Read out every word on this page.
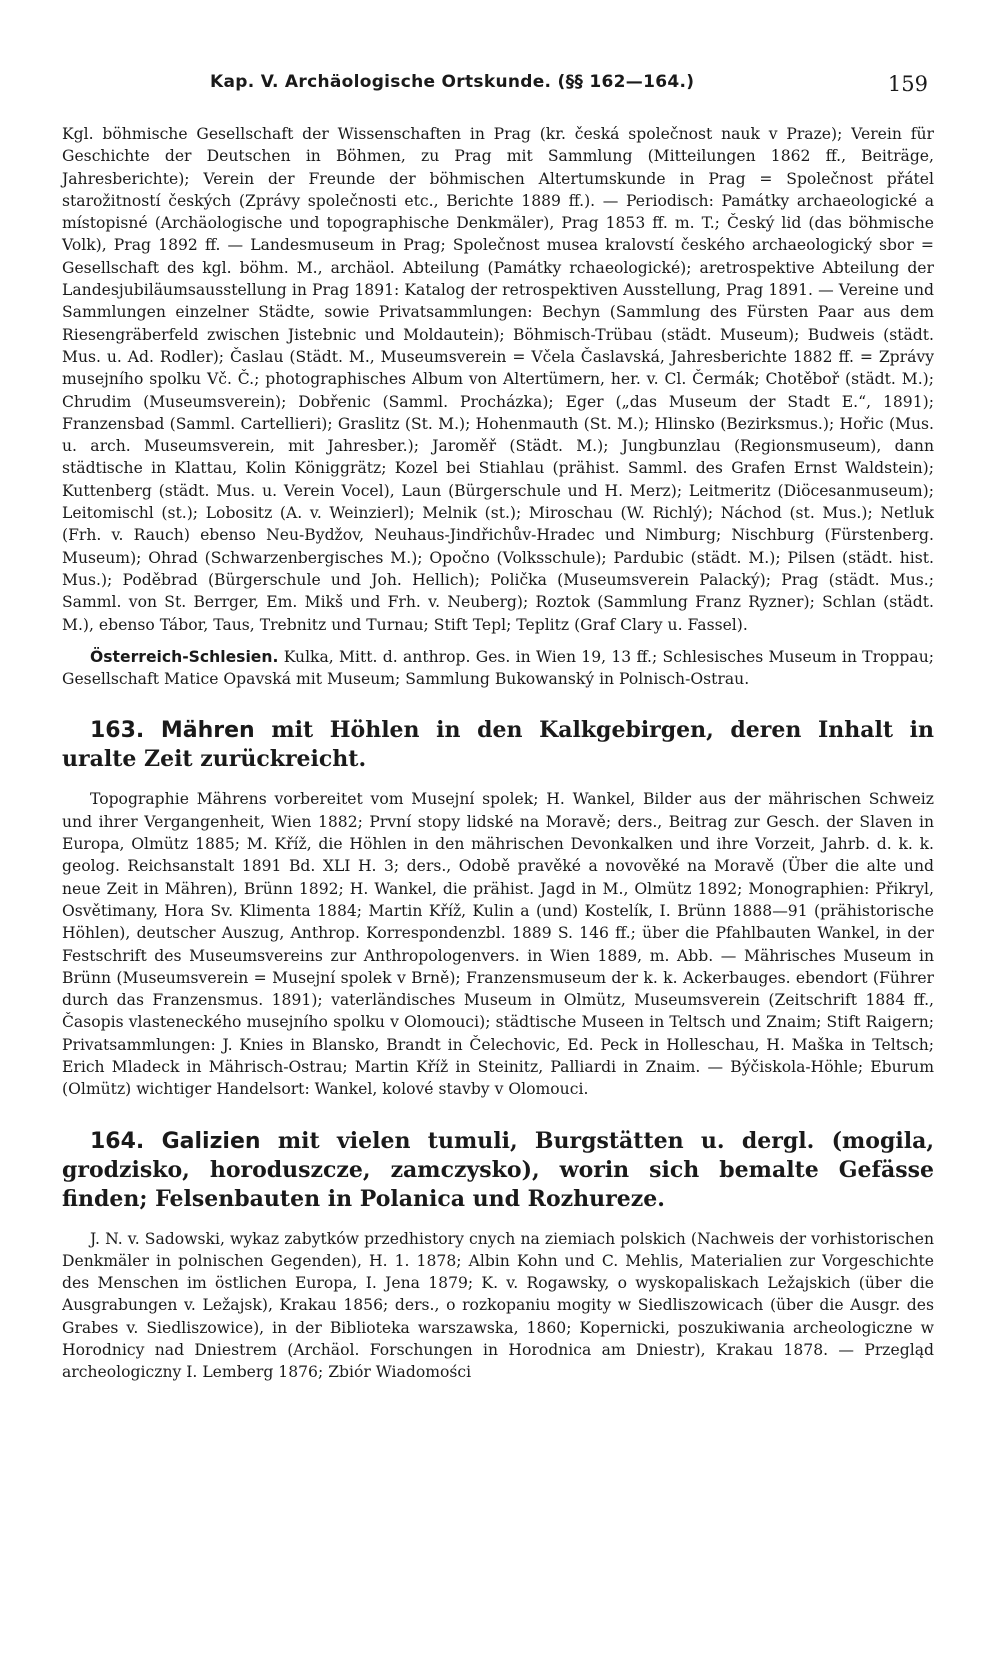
Kap. V. Archäologische Ortskunde. (§§ 162—164.)	159

Kgl. böhmische Gesellschaft der Wissenschaften in Prag (kr. česká společnost nauk v Praze); Verein für Geschichte der Deutschen in Böhmen, zu Prag mit Sammlung (Mitteilungen 1862 ff., Beiträge, Jahresberichte); Verein der Freunde der böhmischen Altertumskunde in Prag = Společnost přátel starožitností českých (Zprávy společnosti etc., Berichte 1889 ff.). — Periodisch: Památky archaeologické a místopisné (Archäologische und topographische Denkmäler), Prag 1853 ff. m. T.; Český lid (das böhmische Volk), Prag 1892 ff. — Landesmuseum in Prag; Společnost musea kralovstí českého archaeologický sbor = Gesellschaft des kgl. böhm. M., archäol. Abteilung (Památky rchaeologické); aretrospektive Abteilung der Landesjubiläumsausstellung in Prag 1891: Katalog der retrospektiven Ausstellung, Prag 1891. — Vereine und Sammlungen einzelner Städte, sowie Privatsammlungen: Bechyn (Sammlung des Fürsten Paar aus dem Riesengräberfeld zwischen Jistebnic und Moldautein); Böhmisch-Trübau (städt. Museum); Budweis (städt. Mus. u. Ad. Rodler); Časlau (Städt. M., Museumsverein = Včela Časlavská, Jahresberichte 1882 ff. = Zprávy musejního spolku Vč. Č.; photographisches Album von Altertümern, her. v. Cl. Čermák; Chotěboř (städt. M.); Chrudim (Museumsverein); Dobřenic (Samml. Procházka); Eger („das Museum der Stadt E.“, 1891); Franzensbad (Samml. Cartellieri); Graslitz (St. M.); Hohenmauth (St. M.); Hlinsko (Bezirksmus.); Hořic (Mus. u. arch. Museumsverein, mit Jahresber.); Jaroměř (Städt. M.); Jungbunzlau (Regionsmuseum), dann städtische in Klattau, Kolin Königgrätz; Kozel bei Stiahlau (prähist. Samml. des Grafen Ernst Waldstein); Kuttenberg (städt. Mus. u. Verein Vocel), Laun (Bürgerschule und H. Merz); Leitmeritz (Diöcesanmuseum); Leitomischl (st.); Lobositz (A. v. Weinzierl); Melnik (st.); Miroschau (W. Richlý); Náchod (st. Mus.); Netluk (Frh. v. Rauch) ebenso Neu-Bydžov, Neuhaus-Jindřichův-Hradec und Nimburg; Nischburg (Fürstenberg. Museum); Ohrad (Schwarzenbergisches M.); Opočno (Volksschule); Pardubic (städt. M.); Pilsen (städt. hist. Mus.); Poděbrad (Bürgerschule und Joh. Hellich); Polička (Museumsverein Palacký); Prag (städt. Mus.; Samml. von St. Berrger, Em. Mikš und Frh. v. Neuberg); Roztok (Sammlung Franz Ryzner); Schlan (städt. M.), ebenso Tábor, Taus, Trebnitz und Turnau; Stift Tepl; Teplitz (Graf Clary u. Fassel).

Österreich-Schlesien. Kulka, Mitt. d. anthrop. Ges. in Wien 19, 13 ff.; Schlesisches Museum in Troppau; Gesellschaft Matice Opavská mit Museum; Sammlung Bukowanský in Polnisch-Ostrau.

163. Mähren mit Höhlen in den Kalkgebirgen, deren Inhalt in uralte Zeit zurückreicht.

Topographie Mährens vorbereitet vom Musejní spolek; H. Wankel, Bilder aus der mährischen Schweiz und ihrer Vergangenheit, Wien 1882; První stopy lidské na Moravě; ders., Beitrag zur Gesch. der Slaven in Europa, Olmütz 1885; M. Kříž, die Höhlen in den mährischen Devonkalken und ihre Vorzeit, Jahrb. d. k. k. geolog. Reichsanstalt 1891 Bd. XLI H. 3; ders., Odobě pravěké a novověké na Moravě (Über die alte und neue Zeit in Mähren), Brünn 1892; H. Wankel, die prähist. Jagd in M., Olmütz 1892; Monographien: Přikryl, Osvětimany, Hora Sv. Klimenta 1884; Martin Kříž, Kulin a (und) Kostelík, I. Brünn 1888—91 (prähistorische Höhlen), deutscher Auszug, Anthrop. Korrespondenzbl. 1889 S. 146 ff.; über die Pfahlbauten Wankel, in der Festschrift des Museumsvereins zur Anthropologenvers. in Wien 1889, m. Abb. — Mährisches Museum in Brünn (Museumsverein = Musejní spolek v Brně); Franzensmuseum der k. k. Ackerbauges. ebendort (Führer durch das Franzensmus. 1891); vaterländisches Museum in Olmütz, Museumsverein (Zeitschrift 1884 ff., Časopis vlasteneckého musejního spolku v Olomouci); städtische Museen in Teltsch und Znaim; Stift Raigern; Privatsammlungen: J. Knies in Blansko, Brandt in Čelechovic, Ed. Peck in Holleschau, H. Maška in Teltsch; Erich Mladeck in Mährisch-Ostrau; Martin Kříž in Steinitz, Palliardi in Znaim. — Býčiskola-Höhle; Eburum (Olmütz) wichtiger Handelsort: Wankel, kolové stavby v Olomouci.

164. Galizien mit vielen tumuli, Burgstätten u. dergl. (mogila, grodzisko, horoduszcze, zamczysko), worin sich bemalte Gefässe finden; Felsenbauten in Polanica und Rozhureze.

J. N. v. Sadowski, wykaz zabytków przedhistory cnych na ziemiach polskich (Nachweis der vorhistorischen Denkmäler in polnischen Gegenden), H. 1. 1878; Albin Kohn und C. Mehlis, Materialien zur Vorgeschichte des Menschen im östlichen Europa, I. Jena 1879; K. v. Rogawsky, o wyskopaliskach Ležajskich (über die Ausgrabungen v. Ležajsk), Krakau 1856; ders., o rozkopaniu mogity w Siedliszowicach (über die Ausgr. des Grabes v. Siedliszowice), in der Biblioteka warszawska, 1860; Kopernicki, poszukiwania archeologiczne w Horodnicy nad Dniestrem (Archäol. Forschungen in Horodnica am Dniestr), Krakau 1878. — Przegląd archeologiczny I. Lemberg 1876; Zbiór Wiadomości
